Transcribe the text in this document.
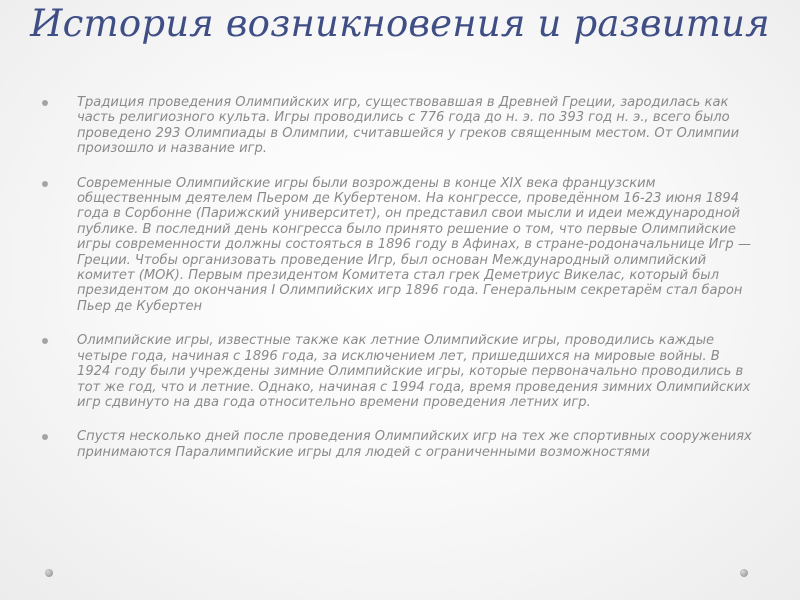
История возникновения и развития
Традиция проведения Олимпийских игр, существовавшая в Древней Греции, зародилась как часть религиозного культа. Игры проводились с 776 года до н. э. по 393 год н. э., всего было проведено 293 Олимпиады в Олимпии, считавшейся у греков священным местом. От Олимпии произошло и название игр.
Современные Олимпийские игры были возрождены в конце XIX века французским общественным деятелем Пьером де Кубертеном. На конгрессе, проведённом 16-23 июня 1894 года в Сорбонне (Парижский университет), он представил свои мысли и идеи международной публике. В последний день конгресса было принято решение о том, что первые Олимпийские игры современности должны состояться в 1896 году в Афинах, в стране-родоначальнице Игр — Греции. Чтобы организовать проведение Игр, был основан Международный олимпийский комитет (МОК). Первым президентом Комитета стал грек Деметриус Викелас, который был президентом до окончания I Олимпийских игр 1896 года. Генеральным секретарём стал барон Пьер де Кубертен
Олимпийские игры, известные также как летние Олимпийские игры, проводились каждые четыре года, начиная с 1896 года, за исключением лет, пришедшихся на мировые войны. В 1924 году были учреждены зимние Олимпийские игры, которые первоначально проводились в тот же год, что и летние. Однако, начиная с 1994 года, время проведения зимних Олимпийских игр сдвинуто на два года относительно времени проведения летних игр.
Спустя несколько дней после проведения Олимпийских игр на тех же спортивных сооружениях принимаются Паралимпийские игры для людей с ограниченными возможностями
